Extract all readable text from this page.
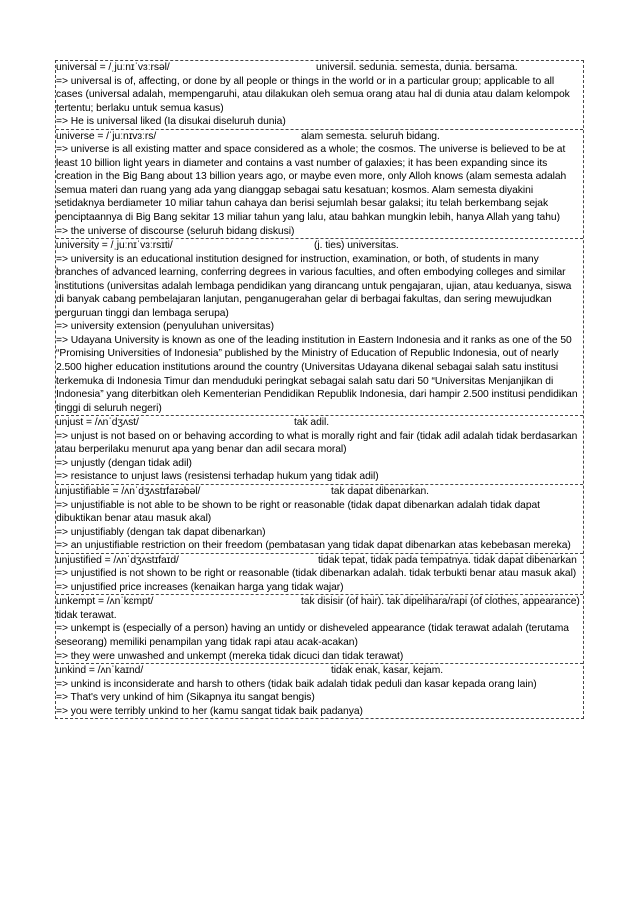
universal = /ˌjuːnɪˈvɜːrsəl/	universil. sedunia. semesta, dunia. bersama.
=> universal is of, affecting, or done by all people or things in the world or in a particular group; applicable to all cases (universal adalah, mempengaruhi, atau dilakukan oleh semua orang atau hal di dunia atau dalam kelompok tertentu; berlaku untuk semua kasus)
=> He is universal liked (Ia disukai diseluruh dunia)
universe = /ˈjuːnɪvɜːrs/	alam semesta. seluruh bidang.
=> universe is all existing matter and space considered as a whole; the cosmos. The universe is believed to be at least 10 billion light years in diameter and contains a vast number of galaxies; it has been expanding since its creation in the Big Bang about 13 billion years ago, or maybe even more, only Alloh knows (alam semesta adalah semua materi dan ruang yang ada yang dianggap sebagai satu kesatuan; kosmos. Alam semesta diyakini setidaknya berdiameter 10 miliar tahun cahaya dan berisi sejumlah besar galaksi; itu telah berkembang sejak penciptaannya di Big Bang sekitar 13 miliar tahun yang lalu, atau bahkan mungkin lebih, hanya Allah yang tahu)
=> the universe of discourse (seluruh bidang diskusi)
university = /ˌjuːnɪˈvɜːrsɪti/	(j. ties) universitas.
=> university is an educational institution designed for instruction, examination, or both, of students in many branches of advanced learning, conferring degrees in various faculties, and often embodying colleges and similar institutions (universitas adalah lembaga pendidikan yang dirancang untuk pengajaran, ujian, atau keduanya, siswa di banyak cabang pembelajaran lanjutan, penganugerahan gelar di berbagai fakultas, dan sering mewujudkan perguruan tinggi dan lembaga serupa)
=> university extension (penyuluhan universitas)
=> Udayana University is known as one of the leading institution in Eastern Indonesia and it ranks as one of the 50 “Promising Universities of Indonesia” published by the Ministry of Education of Republic Indonesia, out of nearly 2.500 higher education institutions around the country (Universitas Udayana dikenal sebagai salah satu institusi terkemuka di Indonesia Timur dan menduduki peringkat sebagai salah satu dari 50 “Universitas Menjanjikan di Indonesia” yang diterbitkan oleh Kementerian Pendidikan Republik Indonesia, dari hampir 2.500 institusi pendidikan tinggi di seluruh negeri)
unjust = /ʌnˈdʒʌst/	tak adil.
=> unjust is not based on or behaving according to what is morally right and fair (tidak adil adalah tidak berdasarkan atau berperilaku menurut apa yang benar dan adil secara moral)
=> unjustly (dengan tidak adil)
=> resistance to unjust laws (resistensi terhadap hukum yang tidak adil)
unjustifiable = /ʌnˈdʒʌstɪfaɪəbəl/	tak dapat dibenarkan.
=> unjustifiable is not able to be shown to be right or reasonable (tidak dapat dibenarkan adalah tidak dapat dibuktikan benar atau masuk akal)
=> unjustifiably (dengan tak dapat dibenarkan)
=> an unjustifiable restriction on their freedom (pembatasan yang tidak dapat dibenarkan atas kebebasan mereka)
unjustified = /ʌnˈdʒʌstɪfaɪd/	tidak tepat, tidak pada tempatnya. tidak dapat dibenarkan
=> unjustified is not shown to be right or reasonable (tidak dibenarkan adalah. tidak terbukti benar atau masuk akal)
=> unjustified price increases (kenaikan harga yang tidak wajar)
unkempt = /ʌnˈkɛmpt/	tak disisir (of hair). tak dipelihara/rapi (of clothes, appearance) tidak terawat.
=> unkempt is (especially of a person) having an untidy or disheveled appearance (tidak terawat adalah (terutama seseorang) memiliki penampilan yang tidak rapi atau acak-acakan)
=> they were unwashed and unkempt (mereka tidak dicuci dan tidak terawat)
unkind = /ʌnˈkaɪnd/	tidak enak, kasar, kejam.
=> unkind is inconsiderate and harsh to others (tidak baik adalah tidak peduli dan kasar kepada orang lain)
=> That's very unkind of him (Sikapnya itu sangat bengis)
=> you were terribly unkind to her (kamu sangat tidak baik padanya)
